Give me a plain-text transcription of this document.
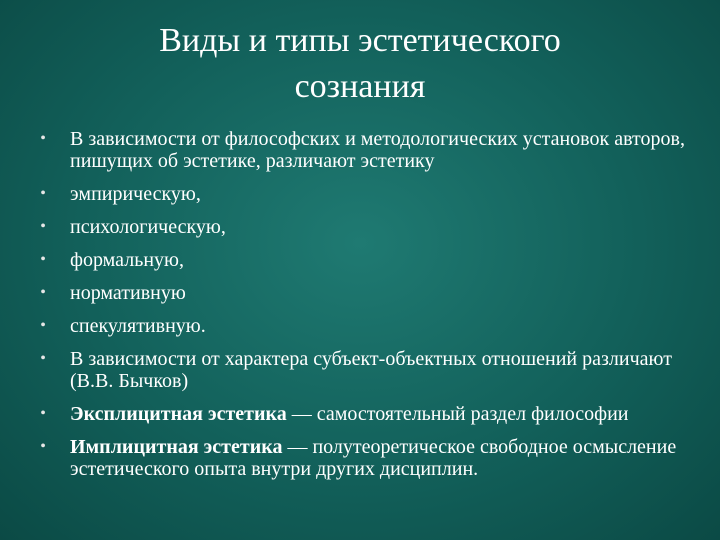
Виды и типы эстетического
сознания
• В зависимости от философских и методологических установок авторов, пишущих об эстетике, различают эстетику
• эмпирическую,
• психологическую,
• формальную,
• нормативную
• спекулятивную.
• В зависимости от характера субъект-объектных отношений различают (В.В. Бычков)
• Эксплицитная эстетика — самостоятельный раздел философии
• Имплицитная эстетика — полутеоретическое свободное осмысление эстетического опыта внутри других дисциплин.
